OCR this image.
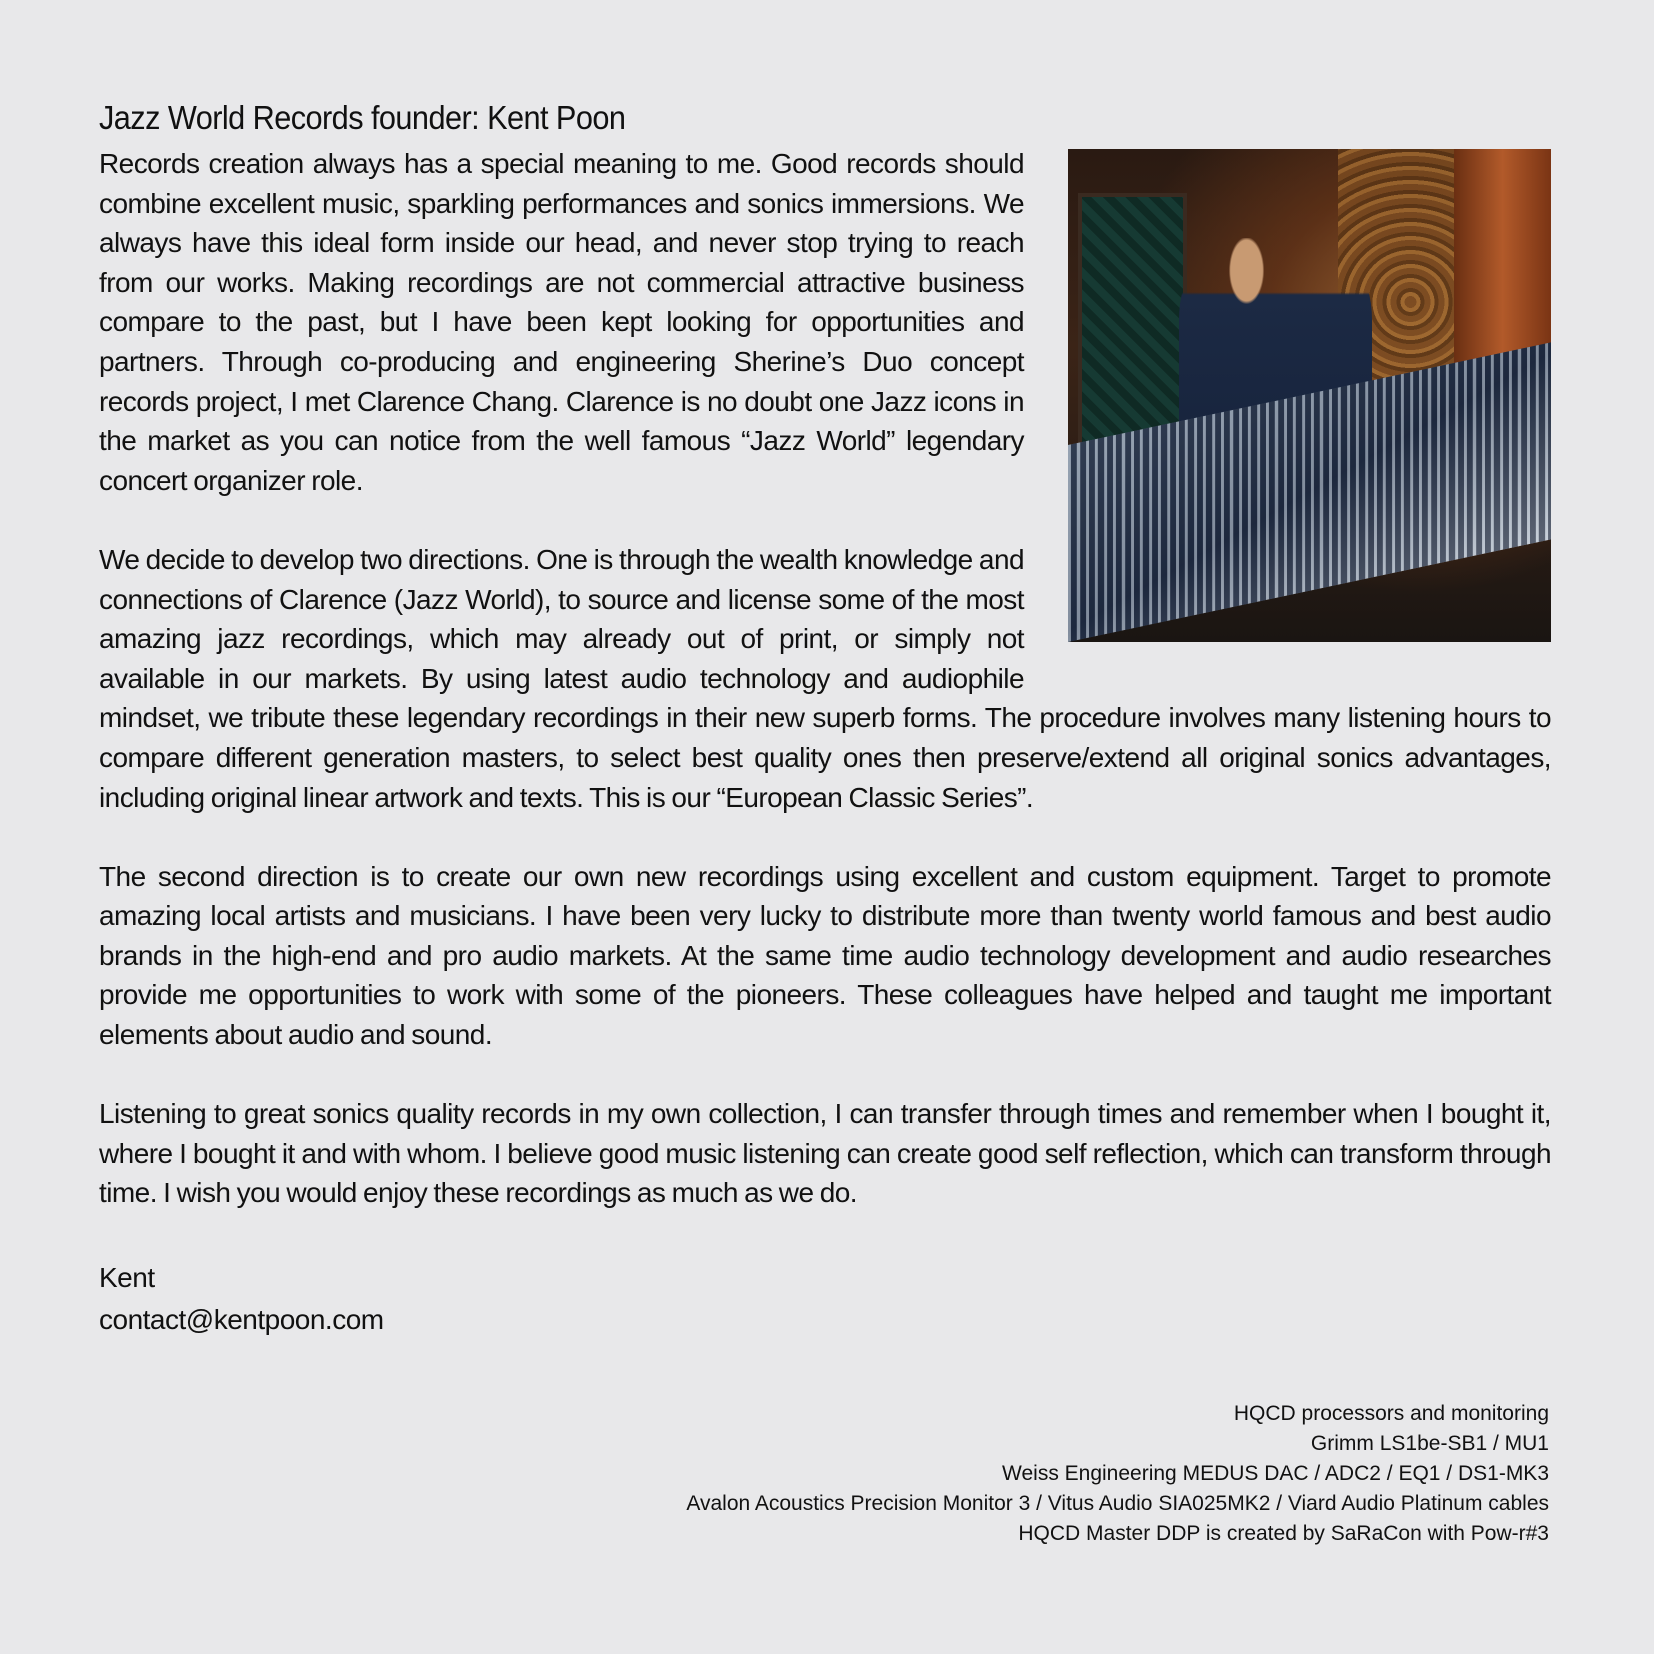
Jazz World Records founder: Kent Poon

Records creation always has a special meaning to me. Good records should combine excellent music, sparkling performances and sonics immersions. We always have this ideal form inside our head, and never stop trying to reach from our works. Making recordings are not commercial attractive business compare to the past, but I have been kept looking for opportunities and partners. Through co-producing and engineering Sherine’s Duo concept records project, I met Clarence Chang. Clarence is no doubt one Jazz icons in the market as you can notice from the well famous “Jazz World” legendary concert organizer role.

We decide to develop two directions. One is through the wealth knowledge and connections of Clarence (Jazz World), to source and license some of the most amazing jazz recordings, which may already out of print, or simply not available in our markets. By using latest audio technology and audiophile mindset, we tribute these legendary recordings in their new superb forms. The procedure involves many listening hours to compare different generation masters, to select best quality ones then preserve/extend all original sonics advantages, including original linear artwork and texts. This is our “European Classic Series”.

The second direction is to create our own new recordings using excellent and custom equipment. Target to promote amazing local artists and musicians. I have been very lucky to distribute more than twenty world famous and best audio brands in the high-end and pro audio markets. At the same time audio technology development and audio researches provide me opportunities to work with some of the pioneers. These colleagues have helped and taught me important elements about audio and sound.

Listening to great sonics quality records in my own collection, I can transfer through times and remember when I bought it, where I bought it and with whom. I believe good music listening can create good self reflection, which can transform through time. I wish you would enjoy these recordings as much as we do.

Kent
contact@kentpoon.com
HQCD processors and monitoring
Grimm LS1be-SB1 / MU1
Weiss Engineering MEDUS DAC / ADC2 / EQ1 / DS1-MK3
Avalon Acoustics Precision Monitor 3 / Vitus Audio SIA025MK2 / Viard Audio Platinum cables
HQCD Master DDP is created by SaRaCon with Pow-r#3
